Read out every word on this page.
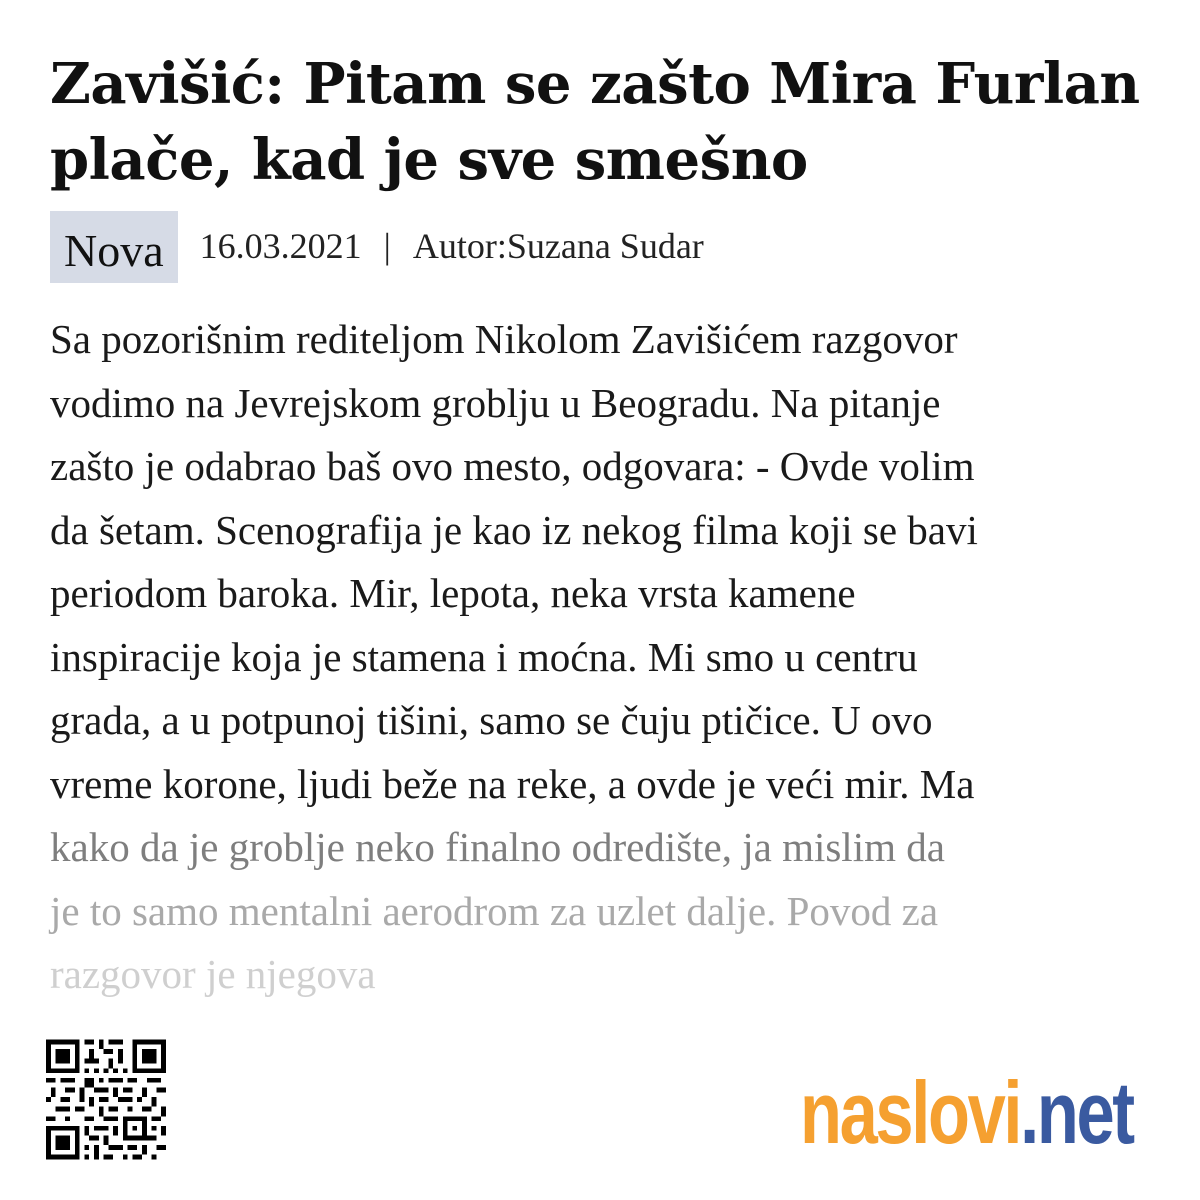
Zavišić: Pitam se zašto Mira Furlan plače, kad je sve smešno
Nova	16.03.2021 | Autor:Suzana Sudar
Sa pozorišnim rediteljom Nikolom Zavišićem razgovor
vodimo na Jevrejskom groblju u Beogradu. Na pitanje
zašto je odabrao baš ovo mesto, odgovara: - Ovde volim
da šetam. Scenografija je kao iz nekog filma koji se bavi
periodom baroka. Mir, lepota, neka vrsta kamene
inspiracije koja je stamena i moćna. Mi smo u centru
grada, a u potpunoj tišini, samo se čuju ptičice. U ovo
vreme korone, ljudi beže na reke, a ovde je veći mir. Ma
kako da je groblje neko finalno odredište, ja mislim da
je to samo mentalni aerodrom za uzlet dalje. Povod za
razgovor je njegova
naslovi.net
